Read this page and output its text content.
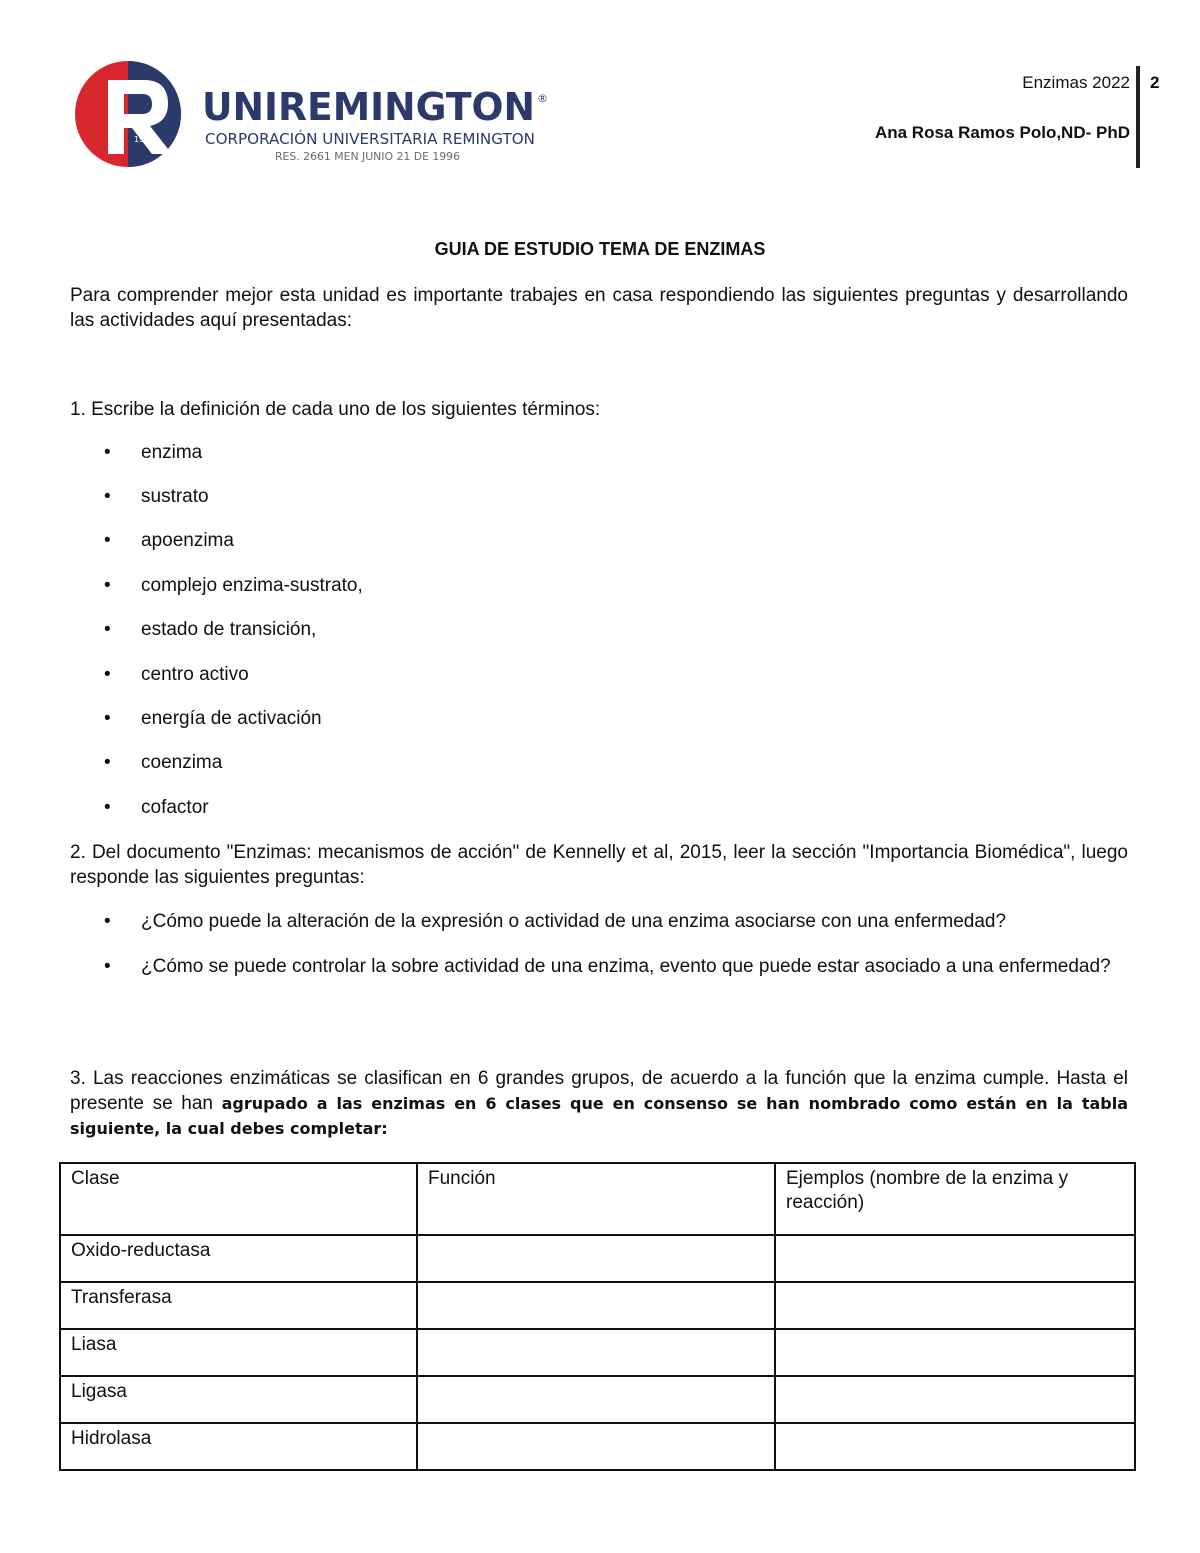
1915
UNIREMINGTON ®
CORPORACIÓN UNIVERSITARIA REMINGTON
RES. 2661 MEN JUNIO 21 DE 1996
Enzimas 2022
Ana Rosa Ramos Polo,ND- PhD
2
GUIA DE ESTUDIO TEMA DE ENZIMAS
Para comprender mejor esta unidad es importante trabajes en casa respondiendo las siguientes preguntas y desarrollando las actividades aquí presentadas:
1. Escribe la definición de cada uno de los siguientes términos:
• enzima
• sustrato
• apoenzima
• complejo enzima-sustrato,
• estado de transición,
• centro activo
• energía de activación
• coenzima
• cofactor
2. Del documento "Enzimas: mecanismos de acción" de Kennelly et al, 2015, leer la sección "Importancia Biomédica", luego responde las siguientes preguntas:
• ¿Cómo puede la alteración de la expresión o actividad de una enzima asociarse con una enfermedad?
• ¿Cómo se puede controlar la sobre actividad de una enzima, evento que puede estar asociado a una enfermedad?
3. Las reacciones enzimáticas se clasifican en 6 grandes grupos, de acuerdo a la función que la enzima cumple. Hasta el presente se han agrupado a las enzimas en 6 clases que en consenso se han nombrado como están en la tabla siguiente, la cual debes completar:
Clase	Función	Ejemplos (nombre de la enzima y reacción)
Oxido-reductasa		
Transferasa		
Liasa		
Ligasa		
Hidrolasa		
